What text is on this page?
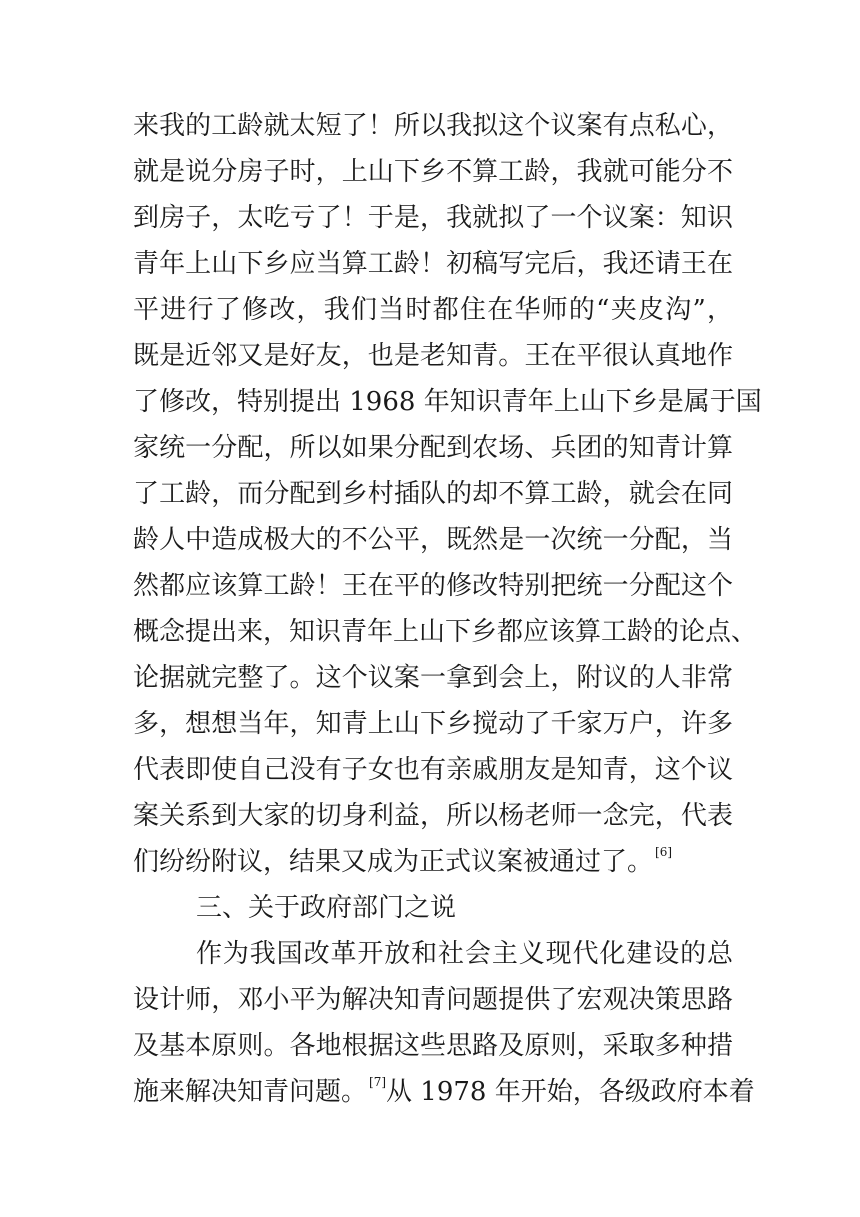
来我的工龄就太短了！所以我拟这个议案有点私心，
就是说分房子时，上山下乡不算工龄，我就可能分不
到房子，太吃亏了！于是，我就拟了一个议案：知识
青年上山下乡应当算工龄！初稿写完后，我还请王在
平进行了修改，我们当时都住在华师的“夹皮沟”，
既是近邻又是好友，也是老知青。王在平很认真地作
了修改，特别提出 1968 年知识青年上山下乡是属于国
家统一分配，所以如果分配到农场、兵团的知青计算
了工龄，而分配到乡村插队的却不算工龄，就会在同
龄人中造成极大的不公平，既然是一次统一分配，当
然都应该算工龄！王在平的修改特别把统一分配这个
概念提出来，知识青年上山下乡都应该算工龄的论点、
论据就完整了。这个议案一拿到会上，附议的人非常
多，想想当年，知青上山下乡搅动了千家万户，许多
代表即使自己没有子女也有亲戚朋友是知青，这个议
案关系到大家的切身利益，所以杨老师一念完，代表
们纷纷附议，结果又成为正式议案被通过了。 [6]
三、关于政府部门之说
作为我国改革开放和社会主义现代化建设的总
设计师，邓小平为解决知青问题提供了宏观决策思路
及基本原则。各地根据这些思路及原则，采取多种措
施来解决知青问题。 [7]从 1978 年开始，各级政府本着
